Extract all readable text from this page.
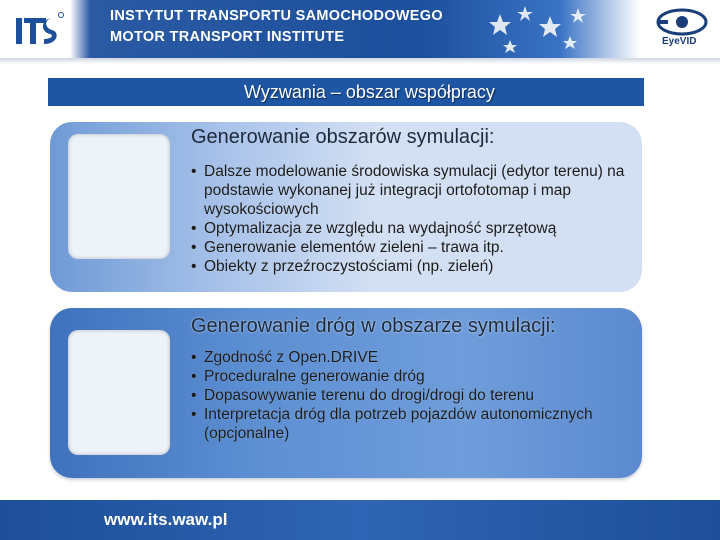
INSTYTUT TRANSPORTU SAMOCHODOWEGO
MOTOR TRANSPORT INSTITUTE	EyeVID
Wyzwania – obszar współpracy
Generowanie obszarów symulacji:
• Dalsze modelowanie środowiska symulacji (edytor terenu) na podstawie wykonanej już integracji ortofotomap i map wysokościowych
• Optymalizacja ze względu na wydajność sprzętową
• Generowanie elementów zieleni – trawa itp.
• Obiekty z przeźroczystościami (np. zieleń)
Generowanie dróg w obszarze symulacji:
• Zgodność z Open.DRIVE
• Proceduralne generowanie dróg
• Dopasowywanie terenu do drogi/drogi do terenu
• Interpretacja dróg dla potrzeb pojazdów autonomicznych (opcjonalne)
www.its.waw.pl
